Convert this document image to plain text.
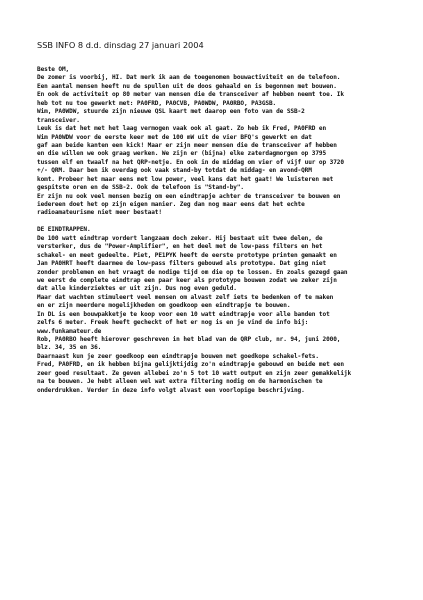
SSB INFO 8 d.d. dinsdag 27 januari 2004
Beste OM,
De zomer is voorbij, HI. Dat merk ik aan de toegenomen bouwactiviteit en de telefoon.
Een aantal mensen heeft nu de spullen uit de doos gehaald en is begonnen met bouwen.
En ook de activiteit op 80 meter van mensen die de transceiver af hebben neemt toe. Ik
heb tot nu toe gewerkt met: PA0FRD, PA0CVB, PA0WDW, PA0RBO, PA3GSB.
Wim, PA0WDW, stuurde zijn nieuwe QSL kaart met daarop een foto van de SSB-2
transceiver.
Leuk is dat het met het laag vermogen vaak ook al gaat. Zo heb ik Fred, PA0FRD en
Wim PA0WDW voor de eerste keer met de 100 mW uit de vier BFQ's gewerkt en dat
gaf aan beide kanten een kick! Maar er zijn meer mensen die de transceiver af hebben
en die willen we ook graag werken. We zijn er (bijna) elke zaterdagmorgen op 3795
tussen elf en twaalf na het QRP-netje. En ook in de middag om vier of vijf uur op 3720
+/- QRM. Daar ben ik overdag ook vaak stand-by totdat de middag- en avond-QRM
komt. Probeer het maar eens met low power, veel kans dat het gaat! We luisteren met
gespitste oren en de SSB-2. Ook de telefoon is "Stand-by".
Er zijn nu ook veel mensen bezig om een eindtrapje achter de transceiver te bouwen en
iedereen doet het op zijn eigen manier. Zeg dan nog maar eens dat het echte
radioamateurisme niet meer bestaat!
DE EINDTRAPPEN.
De 100 watt eindtrap vordert langzaam doch zeker. Hij bestaat uit twee delen, de
versterker, dus de "Power-Amplifier", en het deel met de low-pass filters en het
schakel- en meet gedeelte. Piet, PE1PYK heeft de eerste prototype printen gemaakt en
Jan PA0HRT heeft daarmee de low-pass filters gebouwd als prototype. Dat ging niet
zonder problemen en het vraagt de nodige tijd om die op te lossen. En zoals gezegd gaan
we eerst de complete eindtrap een paar keer als prototype bouwen zodat we zeker zijn
dat alle kinderziektes er uit zijn. Dus nog even geduld.
Maar dat wachten stimuleert veel mensen om alvast zelf iets te bedenken of te maken
en er zijn meerdere mogelijkheden om goedkoop een eindtrapje te bouwen.
In DL is een bouwpakketje te koop voor een 10 watt eindtrapje voor alle banden tot
zelfs 6 meter. Freek heeft gecheckt of het er nog is en je vind de info bij:
www.funkamateur.de
Rob, PA0RBO heeft hierover geschreven in het blad van de QRP club, nr. 94, juni 2000,
blz. 34, 35 en 36.
Daarnaast kun je zeer goedkoop een eindtrapje bouwen met goedkope schakel-fets.
Fred, PA0FRD, en ik hebben bijna gelijktijdig zo'n eindtrapje gebouwd en beide met een
zeer goed resultaat. Ze geven allebei zo'n 5 tot 10 watt output en zijn zeer gemakkelijk
na te bouwen. Je hebt alleen wel wat extra filtering nodig om de harmonischen te
onderdrukken. Verder in deze info volgt alvast een voorlopige beschrijving.
